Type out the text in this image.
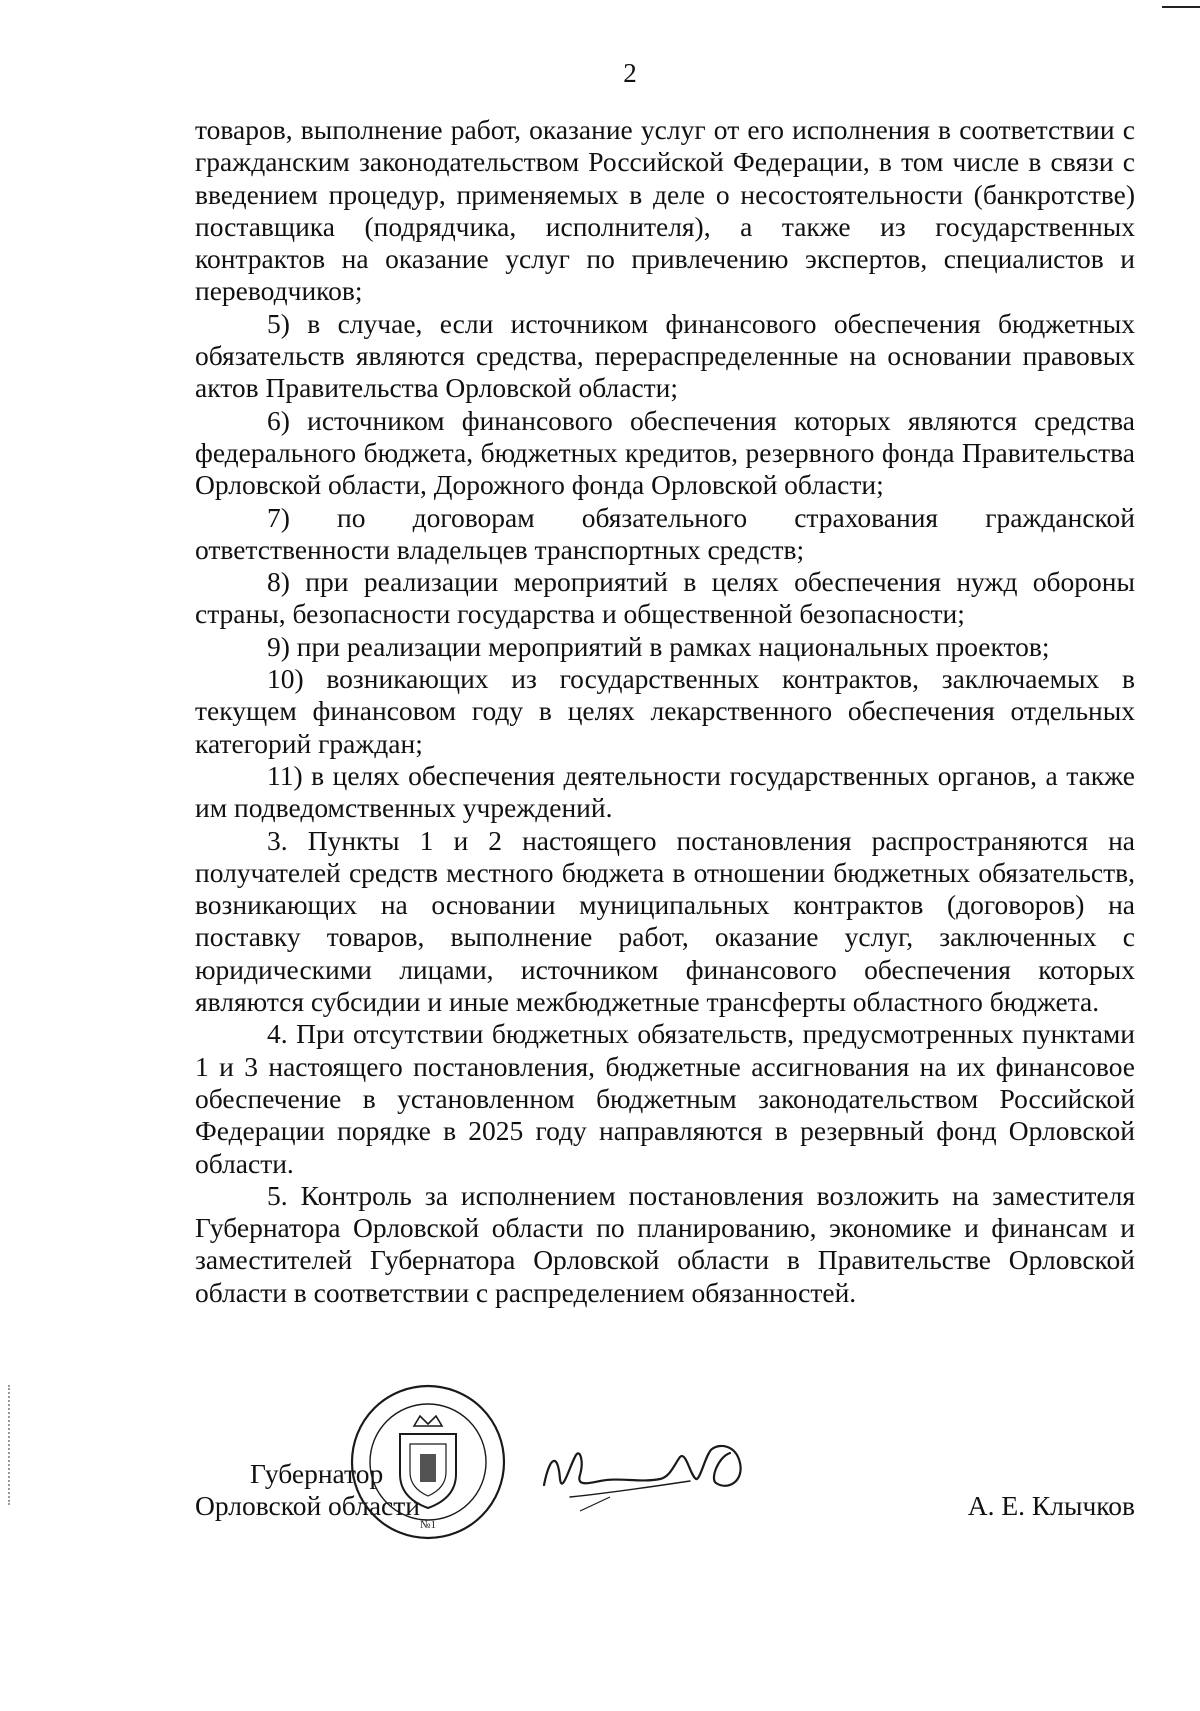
2

товаров, выполнение работ, оказание услуг от его исполнения в соответствии с гражданским законодательством Российской Федерации, в том числе в связи с введением процедур, применяемых в деле о несостоятельности (банкротстве) поставщика (подрядчика, исполнителя), а также из государственных контрактов на оказание услуг по привлечению экспертов, специалистов и переводчиков;

5) в случае, если источником финансового обеспечения бюджетных обязательств являются средства, перераспределенные на основании правовых актов Правительства Орловской области;

6) источником финансового обеспечения которых являются средства федерального бюджета, бюджетных кредитов, резервного фонда Правительства Орловской области, Дорожного фонда Орловской области;

7) по договорам обязательного страхования гражданской ответственности владельцев транспортных средств;

8) при реализации мероприятий в целях обеспечения нужд обороны страны, безопасности государства и общественной безопасности;

9) при реализации мероприятий в рамках национальных проектов;

10) возникающих из государственных контрактов, заключаемых в текущем финансовом году в целях лекарственного обеспечения отдельных категорий граждан;

11) в целях обеспечения деятельности государственных органов, а также им подведомственных учреждений.

3. Пункты 1 и 2 настоящего постановления распространяются на получателей средств местного бюджета в отношении бюджетных обязательств, возникающих на основании муниципальных контрактов (договоров) на поставку товаров, выполнение работ, оказание услуг, заключенных с юридическими лицами, источником финансового обеспечения которых являются субсидии и иные межбюджетные трансферты областного бюджета.

4. При отсутствии бюджетных обязательств, предусмотренных пунктами 1 и 3 настоящего постановления, бюджетные ассигнования на их финансовое обеспечение в установленном бюджетным законодательством Российской Федерации порядке в 2025 году направляются в резервный фонд Орловской области.

5. Контроль за исполнением постановления возложить на заместителя Губернатора Орловской области по планированию, экономике и финансам и заместителей Губернатора Орловской области в Правительстве Орловской области в соответствии с распределением обязанностей.

Губернатор
Орловской области
№1
А. Е. Клычков
